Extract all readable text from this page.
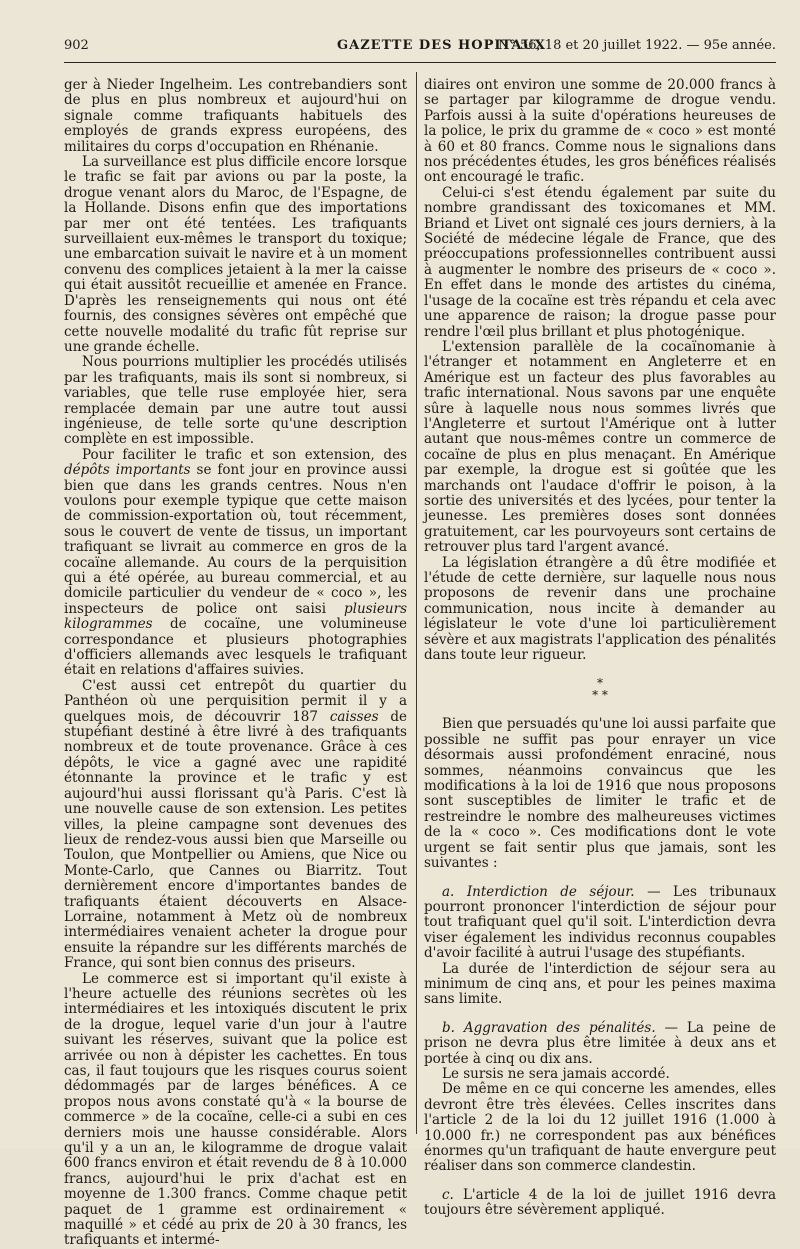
902	GAZETTE DES HOPITAUX
N° 56, 18 et 20 juillet 1922. — 95e année.

ger à Nieder Ingelheim. Les contrebandiers sont de plus en plus nombreux et aujourd'hui on signale comme trafiquants habituels des employés de grands express européens, des militaires du corps d'occupation en Rhénanie.

La surveillance est plus difficile encore lorsque le trafic se fait par avions ou par la poste, la drogue venant alors du Maroc, de l'Espagne, de la Hollande. Disons enfin que des importations par mer ont été tentées. Les trafiquants surveillaient eux-mêmes le transport du toxique; une embarcation suivait le navire et à un moment convenu des complices jetaient à la mer la caisse qui était aussitôt recueillie et amenée en France. D'après les renseignements qui nous ont été fournis, des consignes sévères ont empêché que cette nouvelle modalité du trafic fût reprise sur une grande échelle.

Nous pourrions multiplier les procédés utilisés par les trafiquants, mais ils sont si nombreux, si variables, que telle ruse employée hier, sera remplacée demain par une autre tout aussi ingénieuse, de telle sorte qu'une description complète en est impossible.

Pour faciliter le trafic et son extension, des dépôts importants se font jour en province aussi bien que dans les grands centres. Nous n'en voulons pour exemple typique que cette maison de commission-exportation où, tout récemment, sous le couvert de vente de tissus, un important trafiquant se livrait au commerce en gros de la cocaïne allemande. Au cours de la perquisition qui a été opérée, au bureau commercial, et au domicile particulier du vendeur de « coco », les inspecteurs de police ont saisi plusieurs kilogrammes de cocaïne, une volumineuse correspondance et plusieurs photographies d'officiers allemands avec lesquels le trafiquant était en relations d'affaires suivies.

C'est aussi cet entrepôt du quartier du Panthéon où une perquisition permit il y a quelques mois, de découvrir 187 caisses de stupéfiant destiné à être livré à des trafiquants nombreux et de toute provenance. Grâce à ces dépôts, le vice a gagné avec une rapidité étonnante la province et le trafic y est aujourd'hui aussi florissant qu'à Paris. C'est là une nouvelle cause de son extension. Les petites villes, la pleine campagne sont devenues des lieux de rendez-vous aussi bien que Marseille ou Toulon, que Montpellier ou Amiens, que Nice ou Monte-Carlo, que Cannes ou Biarritz. Tout dernièrement encore d'importantes bandes de trafiquants étaient découverts en Alsace-Lorraine, notamment à Metz où de nombreux intermédiaires venaient acheter la drogue pour ensuite la répandre sur les différents marchés de France, qui sont bien connus des priseurs.

Le commerce est si important qu'il existe à l'heure actuelle des réunions secrètes où les intermédiaires et les intoxiqués discutent le prix de la drogue, lequel varie d'un jour à l'autre suivant les réserves, suivant que la police est arrivée ou non à dépister les cachettes. En tous cas, il faut toujours que les risques courus soient dédommagés par de larges bénéfices. A ce propos nous avons constaté qu'à « la bourse de commerce » de la cocaïne, celle-ci a subi en ces derniers mois une hausse considérable. Alors qu'il y a un an, le kilogramme de drogue valait 600 francs environ et était revendu de 8 à 10.000 francs, aujourd'hui le prix d'achat est en moyenne de 1.300 francs. Comme chaque petit paquet de 1 gramme est ordinairement « maquillé » et cédé au prix de 20 à 30 francs, les trafiquants et intermé-

diaires ont environ une somme de 20.000 francs à se partager par kilogramme de drogue vendu. Parfois aussi à la suite d'opérations heureuses de la police, le prix du gramme de « coco » est monté à 60 et 80 francs. Comme nous le signalions dans nos précédentes études, les gros bénéfices réalisés ont encouragé le trafic.

Celui-ci s'est étendu également par suite du nombre grandissant des toxicomanes et MM. Briand et Livet ont signalé ces jours derniers, à la Société de médecine légale de France, que des préoccupations professionnelles contribuent aussi à augmenter le nombre des priseurs de « coco ». En effet dans le monde des artistes du cinéma, l'usage de la cocaïne est très répandu et cela avec une apparence de raison; la drogue passe pour rendre l'œil plus brillant et plus photogénique.

L'extension parallèle de la cocaïnomanie à l'étranger et notamment en Angleterre et en Amérique est un facteur des plus favorables au trafic international. Nous savons par une enquête sûre à laquelle nous nous sommes livrés que l'Angleterre et surtout l'Amérique ont à lutter autant que nous-mêmes contre un commerce de cocaïne de plus en plus menaçant. En Amérique par exemple, la drogue est si goûtée que les marchands ont l'audace d'offrir le poison, à la sortie des universités et des lycées, pour tenter la jeunesse. Les premières doses sont données gratuitement, car les pourvoyeurs sont certains de retrouver plus tard l'argent avancé.

La législation étrangère a dû être modifiée et l'étude de cette dernière, sur laquelle nous nous proposons de revenir dans une prochaine communication, nous incite à demander au législateur le vote d'une loi particulièrement sévère et aux magistrats l'application des pénalités dans toute leur rigueur.

*
* *

Bien que persuadés qu'une loi aussi parfaite que possible ne suffit pas pour enrayer un vice désormais aussi profondément enraciné, nous sommes, néanmoins convaincus que les modifications à la loi de 1916 que nous proposons sont susceptibles de limiter le trafic et de restreindre le nombre des malheureuses victimes de la « coco ». Ces modifications dont le vote urgent se fait sentir plus que jamais, sont les suivantes :

a. Interdiction de séjour. — Les tribunaux pourront prononcer l'interdiction de séjour pour tout trafiquant quel qu'il soit. L'interdiction devra viser également les individus reconnus coupables d'avoir facilité à autrui l'usage des stupéfiants.

La durée de l'interdiction de séjour sera au minimum de cinq ans, et pour les peines maxima sans limite.

b. Aggravation des pénalités. — La peine de prison ne devra plus être limitée à deux ans et portée à cinq ou dix ans.

Le sursis ne sera jamais accordé.

De même en ce qui concerne les amendes, elles devront être très élevées. Celles inscrites dans l'article 2 de la loi du 12 juillet 1916 (1.000 à 10.000 fr.) ne correspondent pas aux bénéfices énormes qu'un trafiquant de haute envergure peut réaliser dans son commerce clandestin.

c. L'article 4 de la loi de juillet 1916 devra toujours être sévèrement appliqué.
